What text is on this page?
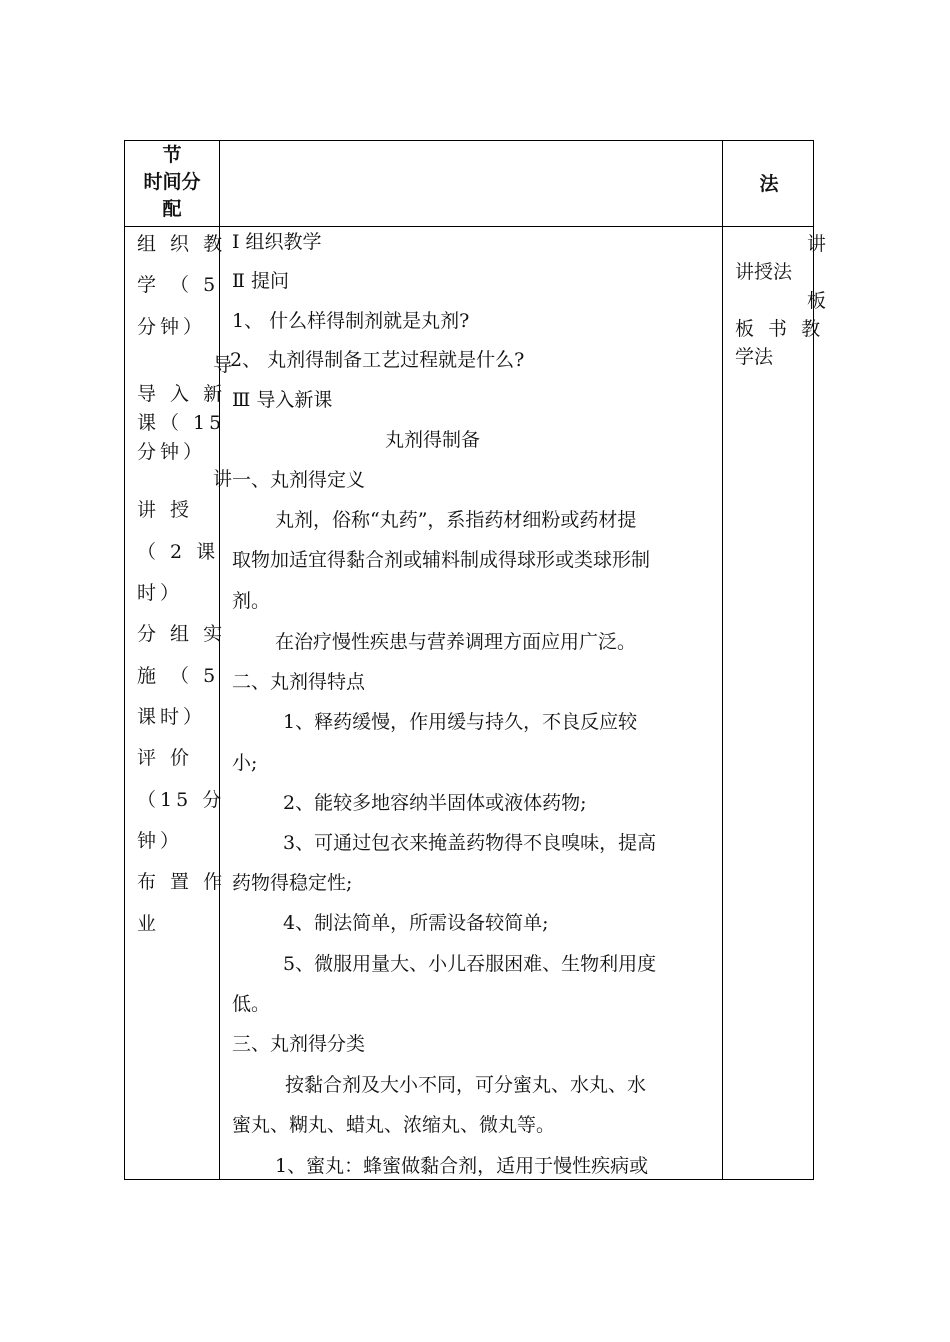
节
时间分
配
法
组 织 教
学 （ 5
分钟）
导 入 新
课（ 15
分钟）
讲 授
（ 2 课
时）
分 组 实
施 （ 5
课时）
评 价
（15 分
钟）
布 置 作
业
导
讲
Ⅰ 组织教学
Ⅱ 提问
1、 什么样得制剂就是丸剂?
2、 丸剂得制备工艺过程就是什么?
Ⅲ 导入新课
丸剂得制备
一、丸剂得定义
丸剂，俗称“丸药”，系指药材细粉或药材提
取物加适宜得黏合剂或辅料制成得球形或类球形制
剂。
在治疗慢性疾患与营养调理方面应用广泛。
二、丸剂得特点
1、释药缓慢，作用缓与持久，不良反应较
小;
2、能较多地容纳半固体或液体药物;
3、可通过包衣来掩盖药物得不良嗅味，提高
药物得稳定性;
4、制法简单，所需设备较简单;
5、微服用量大、小儿吞服困难、生物利用度
低。
三、丸剂得分类
按黏合剂及大小不同，可分蜜丸、水丸、水
蜜丸、糊丸、蜡丸、浓缩丸、微丸等。
1、蜜丸：蜂蜜做黏合剂，适用于慢性疾病或
讲
讲授法
板
板 书 教
学法
